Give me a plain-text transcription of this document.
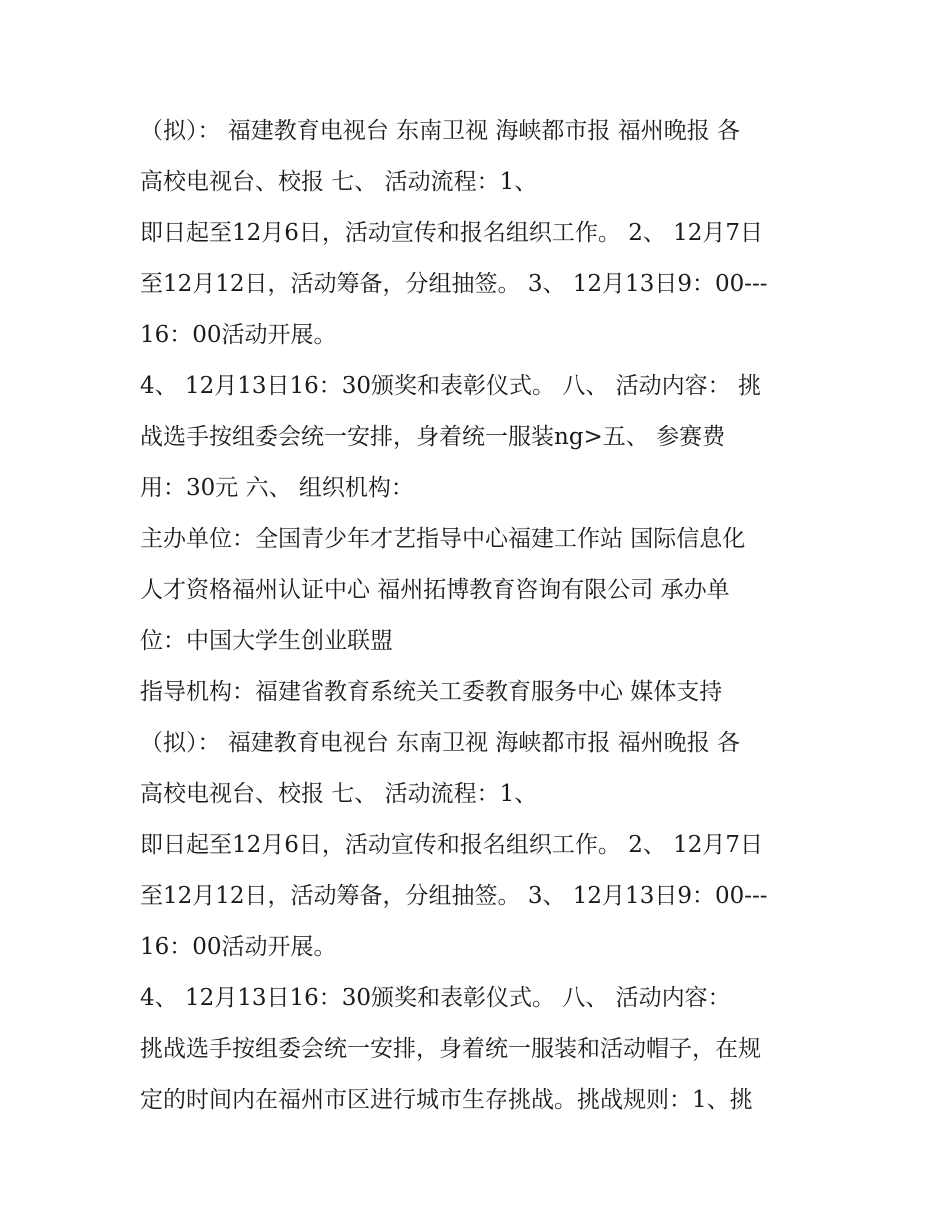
（拟）： 福建教育电视台 东南卫视 海峡都市报 福州晚报 各
高校电视台、校报 七、 活动流程：1、
即日起至12月6日，活动宣传和报名组织工作。 2、 12月7日
至12月12日，活动筹备，分组抽签。 3、 12月13日9：00---
16：00活动开展。
4、 12月13日16：30颁奖和表彰仪式。 八、 活动内容： 挑
战选手按组委会统一安排，身着统一服装ng>五、 参赛费
用：30元 六、 组织机构：
主办单位：全国青少年才艺指导中心福建工作站 国际信息化
人才资格福州认证中心 福州拓博教育咨询有限公司 承办单
位：中国大学生创业联盟
指导机构：福建省教育系统关工委教育服务中心 媒体支持
（拟）： 福建教育电视台 东南卫视 海峡都市报 福州晚报 各
高校电视台、校报 七、 活动流程：1、
即日起至12月6日，活动宣传和报名组织工作。 2、 12月7日
至12月12日，活动筹备，分组抽签。 3、 12月13日9：00---
16：00活动开展。
4、 12月13日16：30颁奖和表彰仪式。 八、 活动内容：
挑战选手按组委会统一安排，身着统一服装和活动帽子，在规
定的时间内在福州市区进行城市生存挑战。挑战规则：1、挑
